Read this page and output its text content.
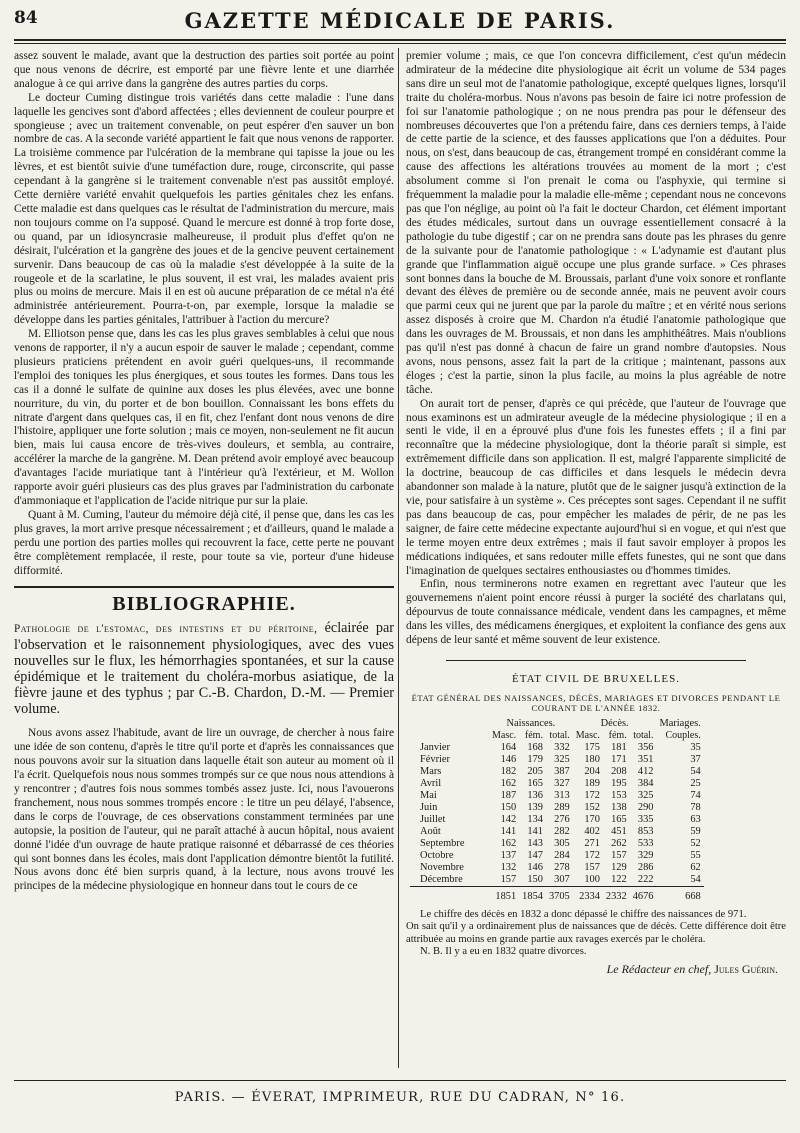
84	GAZETTE MÉDICALE DE PARIS.

assez souvent le malade, avant que la destruction des parties soit portée au point que nous venons de décrire, est emporté par une fièvre lente et une diarrhée analogue à ce qui arrive dans la gangrène des autres parties du corps.

Le docteur Cuming distingue trois variétés dans cette maladie : l'une dans laquelle les gencives sont d'abord affectées ; elles deviennent de couleur pourpre et spongieuse ; avec un traitement convenable, on peut espérer d'en sauver un bon nombre de cas. A la seconde variété appartient le fait que nous venons de rapporter. La troisième commence par l'ulcération de la membrane qui tapisse la joue ou les lèvres, et est bientôt suivie d'une tuméfaction dure, rouge, circonscrite, qui passe cependant à la gangrène si le traitement convenable n'est pas aussitôt employé. Cette dernière variété envahit quelquefois les parties génitales chez les enfans. Cette maladie est dans quelques cas le résultat de l'administration du mercure, mais non toujours comme on l'a supposé. Quand le mercure est donné à trop forte dose, ou quand, par un idiosyncrasie malheureuse, il produit plus d'effet qu'on ne désirait, l'ulcération et la gangrène des joues et de la gencive peuvent certainement survenir. Dans beaucoup de cas où la maladie s'est développée à la suite de la rougeole et de la scarlatine, le plus souvent, il est vrai, les malades avaient pris plus ou moins de mercure. Mais il en est où aucune préparation de ce métal n'a été administrée antérieurement. Pourra-t-on, par exemple, lorsque la maladie se développe dans les parties génitales, l'attribuer à l'action du mercure?

M. Elliotson pense que, dans les cas les plus graves semblables à celui que nous venons de rapporter, il n'y a aucun espoir de sauver le malade ; cependant, comme plusieurs praticiens prétendent en avoir guéri quelques-uns, il recommande l'emploi des toniques les plus énergiques, et sous toutes les formes. Dans tous les cas il a donné le sulfate de quinine aux doses les plus élevées, avec une bonne nourriture, du vin, du porter et de bon bouillon. Connaissant les bons effets du nitrate d'argent dans quelques cas, il en fit, chez l'enfant dont nous venons de dire l'histoire, appliquer une forte solution ; mais ce moyen, non-seulement ne fit aucun bien, mais lui causa encore de très-vives douleurs, et sembla, au contraire, accélérer la marche de la gangrène. M. Dean prétend avoir employé avec beaucoup d'avantages l'acide muriatique tant à l'intérieur qu'à l'extérieur, et M. Wollon rapporte avoir guéri plusieurs cas des plus graves par l'administration du carbonate d'ammoniaque et l'application de l'acide nitrique pur sur la plaie.

Quant à M. Cuming, l'auteur du mémoire déjà cité, il pense que, dans les cas les plus graves, la mort arrive presque nécessairement ; et d'ailleurs, quand le malade a perdu une portion des parties molles qui recouvrent la face, cette perte ne pouvant être complètement remplacée, il reste, pour toute sa vie, porteur d'une hideuse difformité.

BIBLIOGRAPHIE.
Pathologie de l'estomac, des intestins et du péritoine, éclairée par l'observation et le raisonnement physiologiques, avec des vues nouvelles sur le flux, les hémorrhagies spontanées, et sur la cause épidémique et le traitement du choléra-morbus asiatique, de la fièvre jaune et des typhus ; par C.-B. Chardon, D.-M. — Premier volume.

Nous avons assez l'habitude, avant de lire un ouvrage, de chercher à nous faire une idée de son contenu, d'après le titre qu'il porte et d'après les connaissances que nous pouvons avoir sur la situation dans laquelle était son auteur au moment où il l'a écrit. Quelquefois nous nous sommes trompés sur ce que nous nous attendions à y rencontrer ; d'autres fois nous sommes tombés assez juste. Ici, nous l'avouerons franchement, nous nous sommes trompés encore : le titre un peu délayé, l'absence, dans le corps de l'ouvrage, de ces observations constamment terminées par une autopsie, la position de l'auteur, qui ne paraît attaché à aucun hôpital, nous avaient donné l'idée d'un ouvrage de haute pratique raisonné et débarrassé de ces théories qui sont bonnes dans les écoles, mais dont l'application démontre bientôt la futilité. Nous avons donc été bien surpris quand, à la lecture, nous avons trouvé les principes de la médecine physiologique en honneur dans tout le cours de ce

premier volume ; mais, ce que l'on concevra difficilement, c'est qu'un médecin admirateur de la médecine dite physiologique ait écrit un volume de 534 pages sans dire un seul mot de l'anatomie pathologique, excepté quelques lignes, lorsqu'il traite du choléra-morbus. Nous n'avons pas besoin de faire ici notre profession de foi sur l'anatomie pathologique ; on ne nous prendra pas pour le défenseur des nombreuses découvertes que l'on a prétendu faire, dans ces derniers temps, à l'aide de cette partie de la science, et des fausses applications que l'on a déduites. Pour nous, on s'est, dans beaucoup de cas, étrangement trompé en considérant comme la cause des affections les altérations trouvées au moment de la mort ; c'est absolument comme si l'on prenait le coma ou l'asphyxie, qui termine si fréquemment la maladie pour la maladie elle-même ; cependant nous ne concevons pas que l'on néglige, au point où l'a fait le docteur Chardon, cet élément important des études médicales, surtout dans un ouvrage essentiellement consacré à la pathologie du tube digestif ; car on ne prendra sans doute pas les phrases du genre de la suivante pour de l'anatomie pathologique : « L'adynamie est d'autant plus grande que l'inflammation aiguë occupe une plus grande surface. » Ces phrases sont bonnes dans la bouche de M. Broussais, parlant d'une voix sonore et ronflante devant des élèves de première ou de seconde année, mais ne peuvent avoir cours que parmi ceux qui ne jurent que par la parole du maître ; et en vérité nous serions assez disposés à croire que M. Chardon n'a étudié l'anatomie pathologique que dans les ouvrages de M. Broussais, et non dans les amphithéâtres. Mais n'oublions pas qu'il n'est pas donné à chacun de faire un grand nombre d'autopsies. Nous avons, nous pensons, assez fait la part de la critique ; maintenant, passons aux éloges ; c'est la partie, sinon la plus facile, au moins la plus agréable de notre tâche.

On aurait tort de penser, d'après ce qui précède, que l'auteur de l'ouvrage que nous examinons est un admirateur aveugle de la médecine physiologique ; il en a senti le vide, il en a éprouvé plus d'une fois les funestes effets ; il a fini par reconnaître que la médecine physiologique, dont la théorie paraît si simple, est extrêmement difficile dans son application. Il est, malgré l'apparente simplicité de la doctrine, beaucoup de cas difficiles et dans lesquels le médecin devra abandonner son malade à la nature, plutôt que de le saigner jusqu'à extinction de la vie, pour satisfaire à un système ». Ces préceptes sont sages. Cependant il ne suffit pas dans beaucoup de cas, pour empêcher les malades de périr, de ne pas les saigner, de faire cette médecine expectante aujourd'hui si en vogue, et qui n'est que le terme moyen entre deux extrêmes ; mais il faut savoir employer à propos les médications indiquées, et sans redouter mille effets funestes, qui ne sont que dans l'imagination de quelques sectaires enthousiastes ou d'hommes timides.

Enfin, nous terminerons notre examen en regrettant avec l'auteur que les gouvernemens n'aient point encore réussi à purger la société des charlatans qui, dépourvus de toute connaissance médicale, vendent dans les campagnes, et même dans les villes, des médicamens énergiques, et exploitent la confiance des gens aux dépens de leur santé et même souvent de leur existence.

ÉTAT CIVIL DE BRUXELLES.
ÉTAT GÉNÉRAL DES NAISSANCES, DÉCÈS, MARIAGES ET DIVORCES PENDANT LE COURANT DE L'ANNÉE 1832.
	Naissances.			Décès.			Mariages.
	Masc.	fém.	total.	Masc.	fém.	total.	Couples.
Janvier	164	168	332	175	181	356	35
Février	146	179	325	180	171	351	37
Mars	182	205	387	204	208	412	54
Avril	162	165	327	189	195	384	25
Mai	187	136	313	172	153	325	74
Juin	150	139	289	152	138	290	78
Juillet	142	134	276	170	165	335	63
Août	141	141	282	402	451	853	59
Septembre	162	143	305	271	262	533	52
Octobre	137	147	284	172	157	329	55
Novembre	132	146	278	157	129	286	62
Décembre	157	150	307	100	122	222	54
	1851	1854	3705	2334	2332	4676	668

Le chiffre des décès en 1832 a donc dépassé le chiffre des naissances de 971.

On sait qu'il y a ordinairement plus de naissances que de décès. Cette différence doit être attribuée au moins en grande partie aux ravages exercés par le choléra.

N. B. Il y a eu en 1832 quatre divorces.

Le Rédacteur en chef, Jules Guérin.
PARIS. — ÉVERAT, IMPRIMEUR, RUE DU CADRAN, N° 16.
